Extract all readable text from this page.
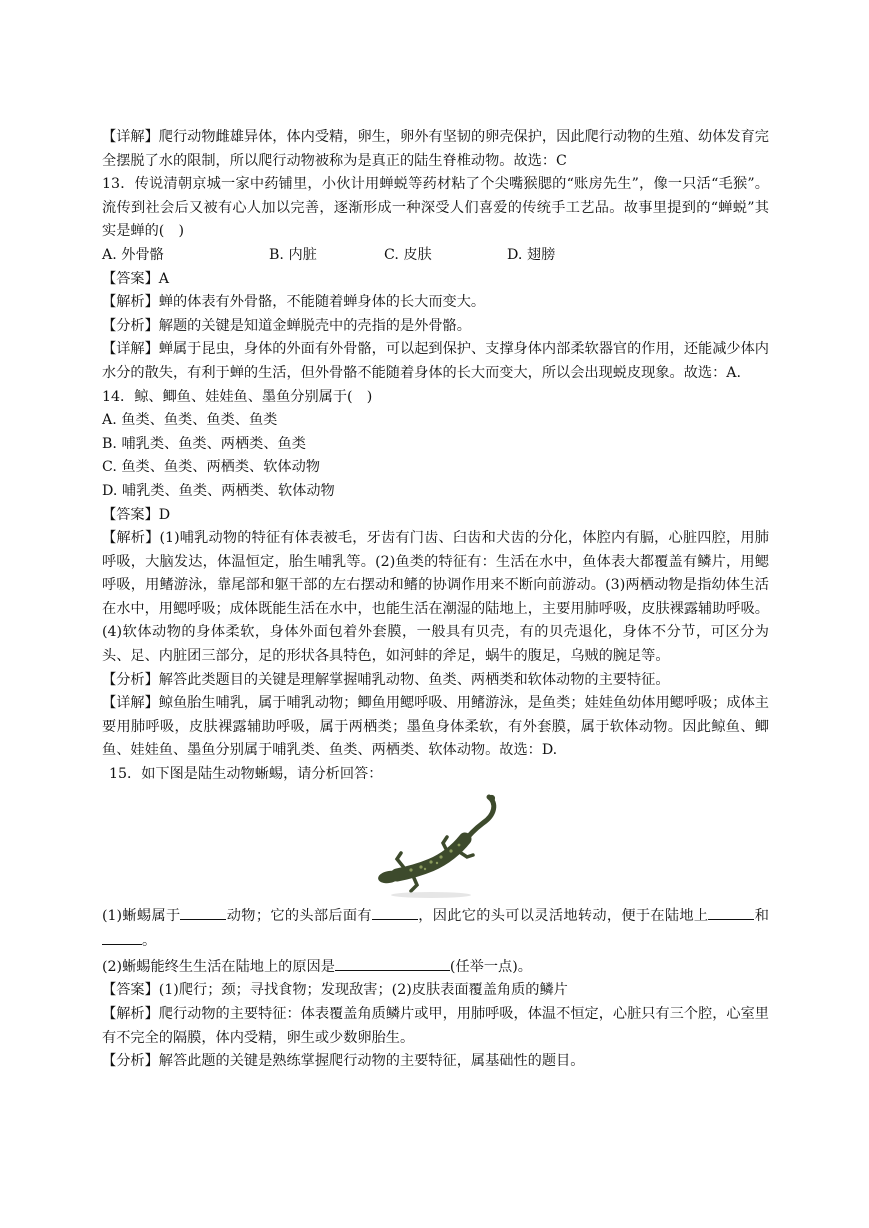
【详解】爬行动物雌雄异体，体内受精，卵生，卵外有坚韧的卵壳保护，因此爬行动物的生殖、幼体发育完全摆脱了水的限制，所以爬行动物被称为是真正的陆生脊椎动物。故选：C

13．传说清朝京城一家中药铺里，小伙计用蝉蜕等药材粘了个尖嘴猴腮的“账房先生”，像一只活“毛猴”。流传到社会后又被有心人加以完善，逐渐形成一种深受人们喜爱的传统手工艺品。故事里提到的“蝉蜕”其实是蝉的(　)

A. 外骨骼	B. 内脏	C. 皮肤	D. 翅膀

【答案】A

【解析】蝉的体表有外骨骼，不能随着蝉身体的长大而变大。

【分析】解题的关键是知道金蝉脱壳中的壳指的是外骨骼。

【详解】蝉属于昆虫，身体的外面有外骨骼，可以起到保护、支撑身体内部柔软器官的作用，还能减少体内水分的散失，有利于蝉的生活，但外骨骼不能随着身体的长大而变大，所以会出现蜕皮现象。故选：A.

14．鲸、鲫鱼、娃娃鱼、墨鱼分别属于(　)

A. 鱼类、鱼类、鱼类、鱼类

B. 哺乳类、鱼类、两栖类、鱼类

C. 鱼类、鱼类、两栖类、软体动物

D. 哺乳类、鱼类、两栖类、软体动物

【答案】D

【解析】(1)哺乳动物的特征有体表被毛，牙齿有门齿、臼齿和犬齿的分化，体腔内有膈，心脏四腔，用肺呼吸，大脑发达，体温恒定，胎生哺乳等。(2)鱼类的特征有：生活在水中，鱼体表大都覆盖有鳞片，用鳃呼吸，用鳍游泳，靠尾部和躯干部的左右摆动和鳍的协调作用来不断向前游动。(3)两栖动物是指幼体生活在水中，用鳃呼吸；成体既能生活在水中，也能生活在潮湿的陆地上，主要用肺呼吸，皮肤裸露辅助呼吸。(4)软体动物的身体柔软，身体外面包着外套膜，一般具有贝壳，有的贝壳退化，身体不分节，可区分为头、足、内脏团三部分，足的形状各具特色，如河蚌的斧足，蜗牛的腹足，乌贼的腕足等。

【分析】解答此类题目的关键是理解掌握哺乳动物、鱼类、两栖类和软体动物的主要特征。

【详解】鲸鱼胎生哺乳，属于哺乳动物；鲫鱼用鳃呼吸、用鳍游泳，是鱼类；娃娃鱼幼体用鳃呼吸；成体主要用肺呼吸，皮肤裸露辅助呼吸，属于两栖类；墨鱼身体柔软，有外套膜，属于软体动物。因此鲸鱼、鲫鱼、娃娃鱼、墨鱼分别属于哺乳类、鱼类、两栖类、软体动物。故选：D.

15．如下图是陆生动物蜥蜴，请分析回答：

(1)蜥蜴属于	动物；它的头部后面有	，因此它的头可以灵活地转动，便于在陆地上	和。

(2)蜥蜴能终生生活在陆地上的原因是	(任举一点)。

【答案】(1)爬行；颈；寻找食物；发现敌害；(2)皮肤表面覆盖角质的鳞片

【解析】爬行动物的主要特征：体表覆盖角质鳞片或甲，用肺呼吸，体温不恒定，心脏只有三个腔，心室里有不完全的隔膜，体内受精，卵生或少数卵胎生。

【分析】解答此题的关键是熟练掌握爬行动物的主要特征，属基础性的题目。
